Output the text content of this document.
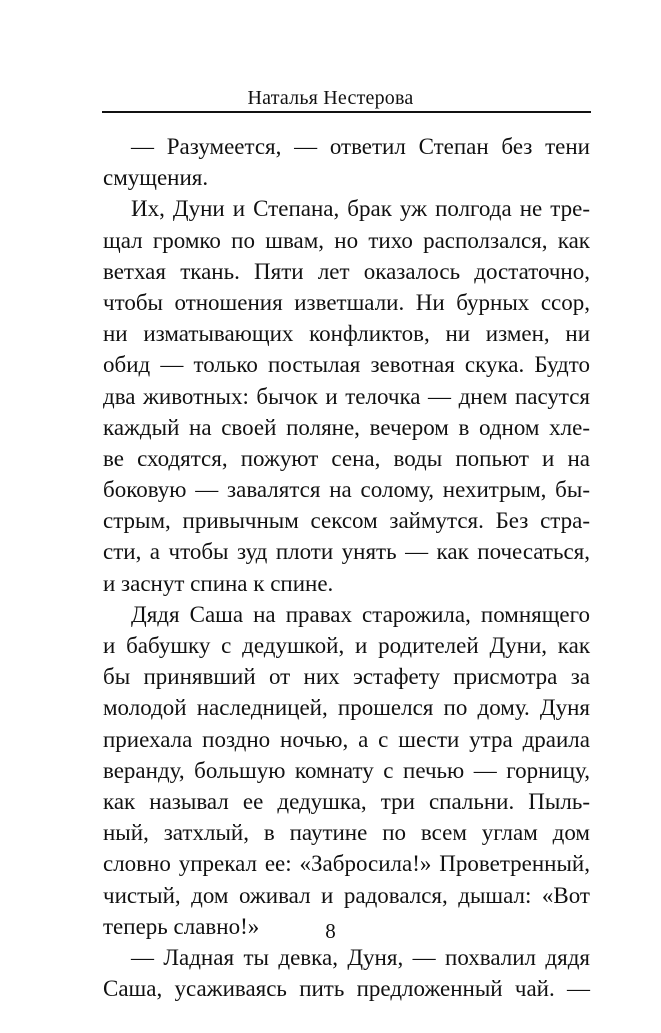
Наталья Нестерова
— Разумеется, — ответил Степан без тени
смущения.
Их, Дуни и Степана, брак уж полгода не тре-
щал громко по швам, но тихо расползался, как
ветхая ткань. Пяти лет оказалось достаточно,
чтобы отношения изветшали. Ни бурных ссор,
ни изматывающих конфликтов, ни измен, ни
обид — только постылая зевотная скука. Будто
два животных: бычок и телочка — днем пасутся
каждый на своей поляне, вечером в одном хле-
ве сходятся, пожуют сена, воды попьют и на
боковую — завалятся на солому, нехитрым, бы-
стрым, привычным сексом займутся. Без стра-
сти, а чтобы зуд плоти унять — как почесаться,
и заснут спина к спине.
Дядя Саша на правах старожила, помнящего
и бабушку с дедушкой, и родителей Дуни, как
бы принявший от них эстафету присмотра за
молодой наследницей, прошелся по дому. Дуня
приехала поздно ночью, а с шести утра драила
веранду, большую комнату с печью — горницу,
как называл ее дедушка, три спальни. Пыль-
ный, затхлый, в паутине по всем углам дом
словно упрекал ее: «Забросила!» Проветренный,
чистый, дом оживал и радовался, дышал: «Вот
теперь славно!»
— Ладная ты девка, Дуня, — похвалил дядя
Саша, усаживаясь пить предложенный чай. —
8
